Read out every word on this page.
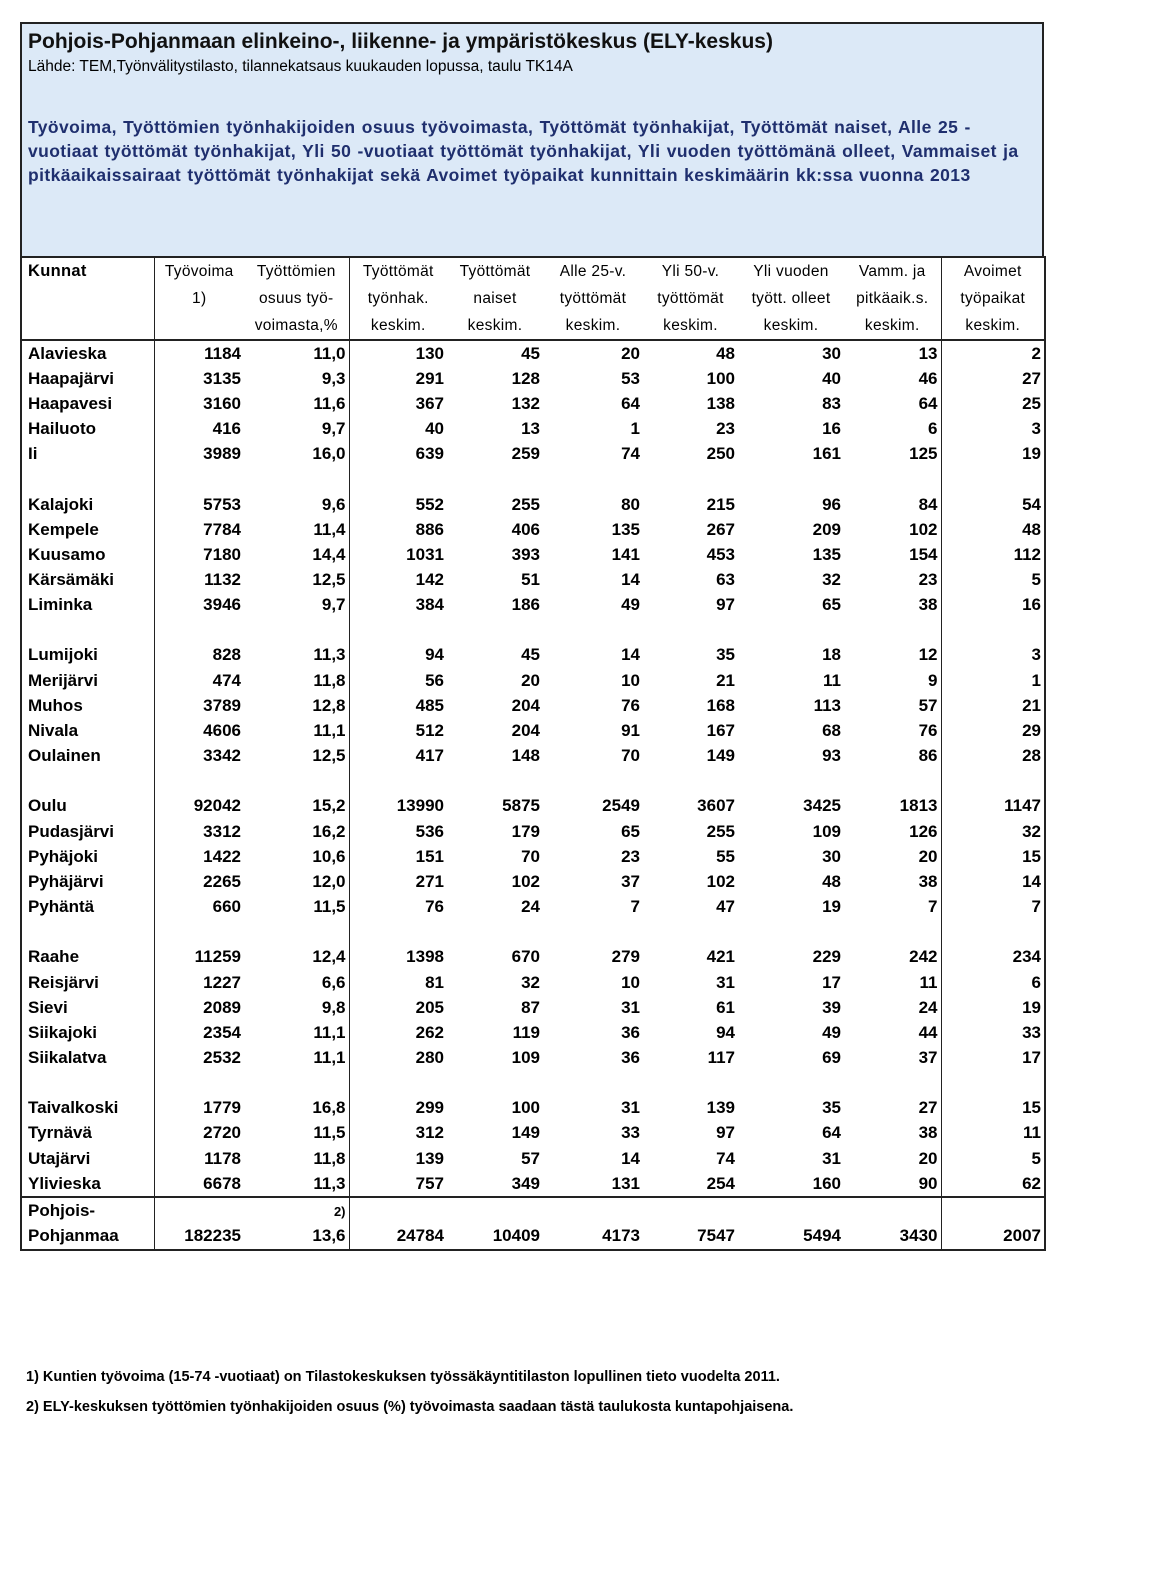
Pohjois-Pohjanmaan elinkeino-, liikenne- ja ympäristökeskus (ELY-keskus)
Lähde: TEM,Työnvälitystilasto, tilannekatsaus kuukauden lopussa, taulu TK14A
Työvoima, Työttömien työnhakijoiden osuus työvoimasta, Työttömät työnhakijat, Työttömät naiset, Alle 25 -vuotiaat työttömät työnhakijat, Yli 50 -vuotiaat työttömät työnhakijat, Yli vuoden työttömänä olleet, Vammaiset ja pitkäaikaissairaat työttömät työnhakijat sekä Avoimet työpaikat kunnittain keskimäärin kk:ssa vuonna 2013
Kunnat	Työvoima	Työttömien	Työttömät	Työttömät	Alle 25-v.	Yli 50-v.	Yli vuoden	Vamm. ja	Avoimet
	1)	osuus työ-	työnhak.	naiset	työttömät	työttömät	tyött. olleet	pitkäaik.s.	työpaikat
		voimasta,%	keskim.	keskim.	keskim.	keskim.	keskim.	keskim.	keskim.
Alavieska	1184	11,0	130	45	20	48	30	13	2
Haapajärvi	3135	9,3	291	128	53	100	40	46	27
Haapavesi	3160	11,6	367	132	64	138	83	64	25
Hailuoto	416	9,7	40	13	1	23	16	6	3
Ii	3989	16,0	639	259	74	250	161	125	19

Kalajoki	5753	9,6	552	255	80	215	96	84	54
Kempele	7784	11,4	886	406	135	267	209	102	48
Kuusamo	7180	14,4	1031	393	141	453	135	154	112
Kärsämäki	1132	12,5	142	51	14	63	32	23	5
Liminka	3946	9,7	384	186	49	97	65	38	16

Lumijoki	828	11,3	94	45	14	35	18	12	3
Merijärvi	474	11,8	56	20	10	21	11	9	1
Muhos	3789	12,8	485	204	76	168	113	57	21
Nivala	4606	11,1	512	204	91	167	68	76	29
Oulainen	3342	12,5	417	148	70	149	93	86	28

Oulu	92042	15,2	13990	5875	2549	3607	3425	1813	1147
Pudasjärvi	3312	16,2	536	179	65	255	109	126	32
Pyhäjoki	1422	10,6	151	70	23	55	30	20	15
Pyhäjärvi	2265	12,0	271	102	37	102	48	38	14
Pyhäntä	660	11,5	76	24	7	47	19	7	7

Raahe	11259	12,4	1398	670	279	421	229	242	234
Reisjärvi	1227	6,6	81	32	10	31	17	11	6
Sievi	2089	9,8	205	87	31	61	39	24	19
Siikajoki	2354	11,1	262	119	36	94	49	44	33
Siikalatva	2532	11,1	280	109	36	117	69	37	17

Taivalkoski	1779	16,8	299	100	31	139	35	27	15
Tyrnävä	2720	11,5	312	149	33	97	64	38	11
Utajärvi	1178	11,8	139	57	14	74	31	20	5
Ylivieska	6678	11,3	757	349	131	254	160	90	62
Pohjois-		2)							
Pohjanmaa	182235	13,6	24784	10409	4173	7547	5494	3430	2007
1) Kuntien työvoima (15-74 -vuotiaat) on Tilastokeskuksen työssäkäyntitilaston lopullinen tieto vuodelta 2011.
2) ELY-keskuksen työttömien työnhakijoiden osuus (%) työvoimasta saadaan tästä taulukosta kuntapohjaisena.
